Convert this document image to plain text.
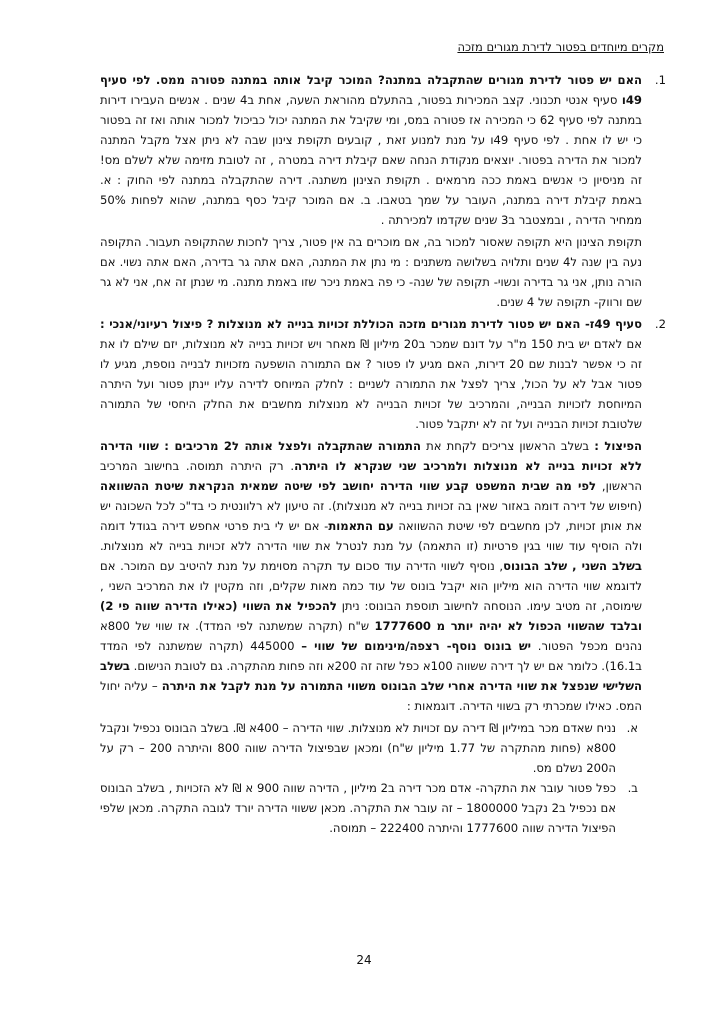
מקרים מיוחדים בפטור לדירת מגורים מזכה
1.

האם יש פטור לדירת מגורים שהתקבלה במתנה? המוכר קיבל אותה במתנה פטורה ממס. לפי סעיף 49ו סעיף אנטי תכנוני. קצב המכירות בפטור, בהתעלם מהוראת השעה, אחת ב4 שנים . אנשים העבירו דירות במתנה לפי סעיף 62 כי המכירה אז פטורה במס, ומי שקיבל את המתנה יכול כביכול למכור אותה ואז זה בפטור כי יש לו אחת . לפי סעיף 49ו על מנת למנוע זאת , קובעים תקופת צינון שבה לא ניתן אצל מקבל המתנה למכור את הדירה בפטור. יוצאים מנקודת הנחה שאם קיבלת דירה במטרה , זה לטובת מזימה שלא לשלם מס! זה מניסיון כי אנשים באמת ככה מרמאים . תקופת הצינון משתנה. דירה שהתקבלה במתנה לפי החוק : א. באמת קיבלת דירה במתנה, העובר על שמך בטאבו. ב. אם המוכר קיבל כסף במתנה, שהוא לפחות 50% ממחיר הדירה , ובמצטבר ב3 שנים שקדמו למכירתה .

תקופת הצינון היא תקופה שאסור למכור בה, אם מוכרים בה אין פטור, צריך לחכות שהתקופה תעבור. התקופה נעה בין שנה ל4 שנים ותלויה בשלושה משתנים : מי נתן את המתנה, האם אתה גר בדירה, האם אתה נשוי. אם הורה נותן, אני גר בדירה ונשוי- תקופה של שנה- כי פה באמת ניכר שזו באמת מתנה. מי שנתן זה אח, אני לא גר שם ורווק- תקופה של 4 שנים.

2.

סעיף 49ז- האם יש פטור לדירת מגורים מזכה הכוללת זכויות בנייה לא מנוצלות ? פיצול רעיוני/אנכי : אם לאדם יש בית 150 מ"ר על דונם שמכר ב20 מיליון ₪ מאחר ויש זכויות בנייה לא מנוצלות, יזם שילם לו את זה כי אפשר לבנות שם 20 דירות, האם מגיע לו פטור ? אם התמורה הושפעה מזכויות לבנייה נוספת, מגיע לו פטור אבל לא על הכול, צריך לפצל את התמורה לשניים : לחלק המיוחס לדירה עליו יינתן פטור ועל היתרה המיוחסת לזכויות הבנייה, והמרכיב של זכויות הבנייה לא מנוצלות מחשבים את החלק היחסי של התמורה שלטובת זכויות הבנייה ועל זה לא יתקבל פטור.

הפיצול : בשלב הראשון צריכים לקחת את התמורה שהתקבלה ולפצל אותה ל2 מרכיבים : שווי הדירה ללא זכויות בנייה לא מנוצלות ולמרכיב שני שנקרא לו היתרה. רק היתרה תמוסה. בחישוב המרכיב הראשון, לפי מה שבית המשפט קבע שווי הדירה יחושב לפי שיטה שמאית הנקראת שיטת ההשוואה (חיפוש של דירה דומה באזור שאין בה זכויות בנייה לא מנוצלות). זה טיעון לא רלוונטית כי בד"כ לכל השכונה יש את אותן זכויות, לכן מחשבים לפי שיטת ההשוואה עם התאמות- אם יש לי בית פרטי אחפש דירה בגודל דומה ולה הוסיף עוד שווי בגין פרטיות (זו התאמה) על מנת לנטרל את שווי הדירה ללא זכויות בנייה לא מנוצלות. בשלב השני , שלב הבונוס, נוסיף לשווי הדירה עוד סכום עד תקרה מסוימת על מנת להיטיב עם המוכר. אם לדוגמא שווי הדירה הוא מיליון הוא יקבל בונוס של עוד כמה מאות שקלים, וזה מקטין לו את המרכיב השני , שימוסה, זה מטיב עימו. הנוסחה לחישוב תוספת הבונוס: ניתן להכפיל את השווי (כאילו הדירה שווה פי 2) ובלבד שהשווי הכפול לא יהיה יותר מ 1777600 ש"ח (תקרה שמשתנה לפי המדד). אז שווי של 800א נהנים מכפל הפטור. יש בונוס נוסף- רצפה/מינימום של שווי – 445000 (תקרה שמשתנה לפי המדד ב16.1). כלומר אם יש לך דירה ששווה 100א כפל שזה זה 200א וזה פחות מהתקרה. גם לטובת הנישום. בשלב השלישי שנפצל את שווי הדירה אחרי שלב הבונוס משווי התמורה על מנת לקבל את היתרה – עליה יחול המס. כאילו שמכרתי רק בשווי הדירה. דוגמאות :

א.
נניח שאדם מכר במיליון ₪ דירה עם זכויות לא מנוצלות. שווי הדירה – 400א ₪. בשלב הבונוס נכפיל ונקבל 800א (פחות מהתקרה של 1.77 מיליון ש"ח) ומכאן שבפיצול הדירה שווה 800 והיתרה 200 – רק על ה200 נשלם מס.

ב.
כפל פטור עובר את התקרה- אדם מכר דירה ב2 מיליון , הדירה שווה 900 א ₪ לא הזכויות , בשלב הבונוס אם נכפיל ב2 נקבל 1800000 – זה עובר את התקרה. מכאן ששווי הדירה יורד לגובה התקרה. מכאן שלפי הפיצול הדירה שווה 1777600 והיתרה 222400 – תמוסה.

24
